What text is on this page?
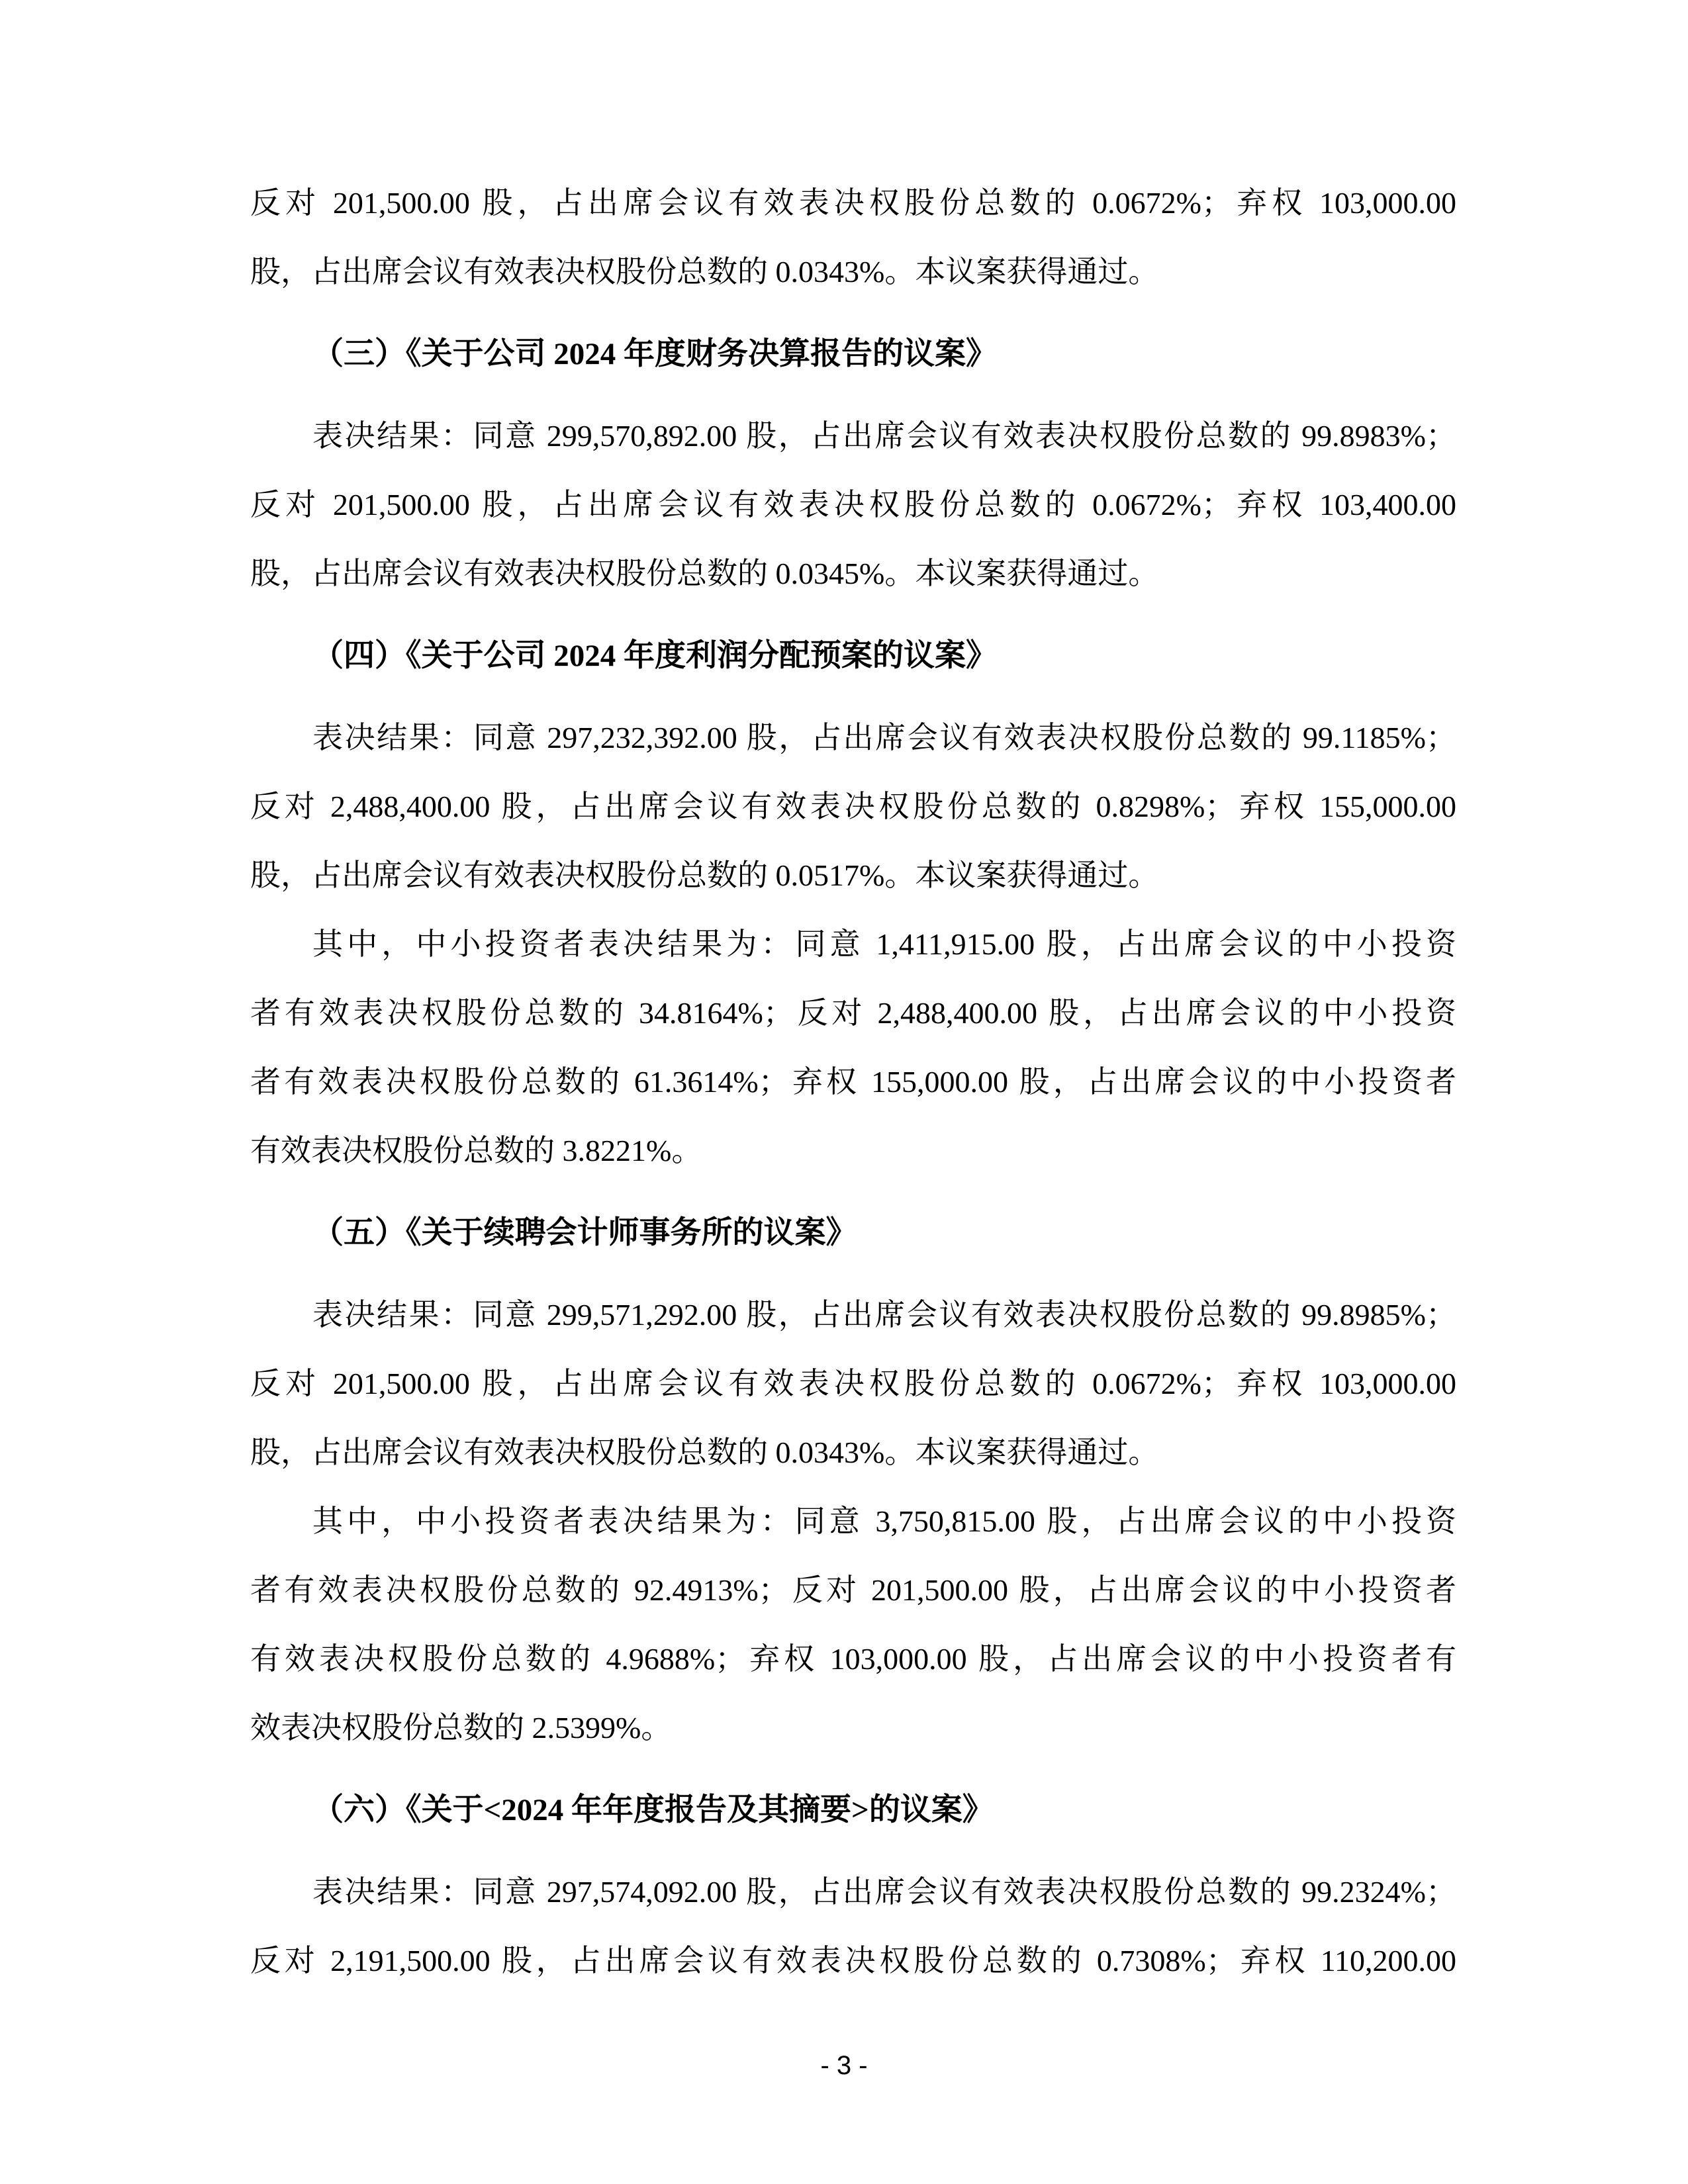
反对 201,500.00 股，占出席会议有效表决权股份总数的 0.0672%；弃权 103,000.00
股，占出席会议有效表决权股份总数的 0.0343%。本议案获得通过。
（三）《关于公司 2024 年度财务决算报告的议案》
表决结果：同意 299,570,892.00 股，占出席会议有效表决权股份总数的 99.8983%；
反对 201,500.00 股，占出席会议有效表决权股份总数的 0.0672%；弃权 103,400.00
股，占出席会议有效表决权股份总数的 0.0345%。本议案获得通过。
（四）《关于公司 2024 年度利润分配预案的议案》
表决结果：同意 297,232,392.00 股，占出席会议有效表决权股份总数的 99.1185%；
反对 2,488,400.00 股，占出席会议有效表决权股份总数的 0.8298%；弃权 155,000.00
股，占出席会议有效表决权股份总数的 0.0517%。本议案获得通过。
其中，中小投资者表决结果为：同意 1,411,915.00 股，占出席会议的中小投资
者有效表决权股份总数的 34.8164%；反对 2,488,400.00 股，占出席会议的中小投资
者有效表决权股份总数的 61.3614%；弃权 155,000.00 股，占出席会议的中小投资者
有效表决权股份总数的 3.8221%。
（五）《关于续聘会计师事务所的议案》
表决结果：同意 299,571,292.00 股，占出席会议有效表决权股份总数的 99.8985%；
反对 201,500.00 股，占出席会议有效表决权股份总数的 0.0672%；弃权 103,000.00
股，占出席会议有效表决权股份总数的 0.0343%。本议案获得通过。
其中，中小投资者表决结果为：同意 3,750,815.00 股，占出席会议的中小投资
者有效表决权股份总数的 92.4913%；反对 201,500.00 股，占出席会议的中小投资者
有效表决权股份总数的 4.9688%；弃权 103,000.00 股，占出席会议的中小投资者有
效表决权股份总数的 2.5399%。
（六）《关于<2024 年年度报告及其摘要>的议案》
表决结果：同意 297,574,092.00 股，占出席会议有效表决权股份总数的 99.2324%；
反对 2,191,500.00 股，占出席会议有效表决权股份总数的 0.7308%；弃权 110,200.00
- 3 -
